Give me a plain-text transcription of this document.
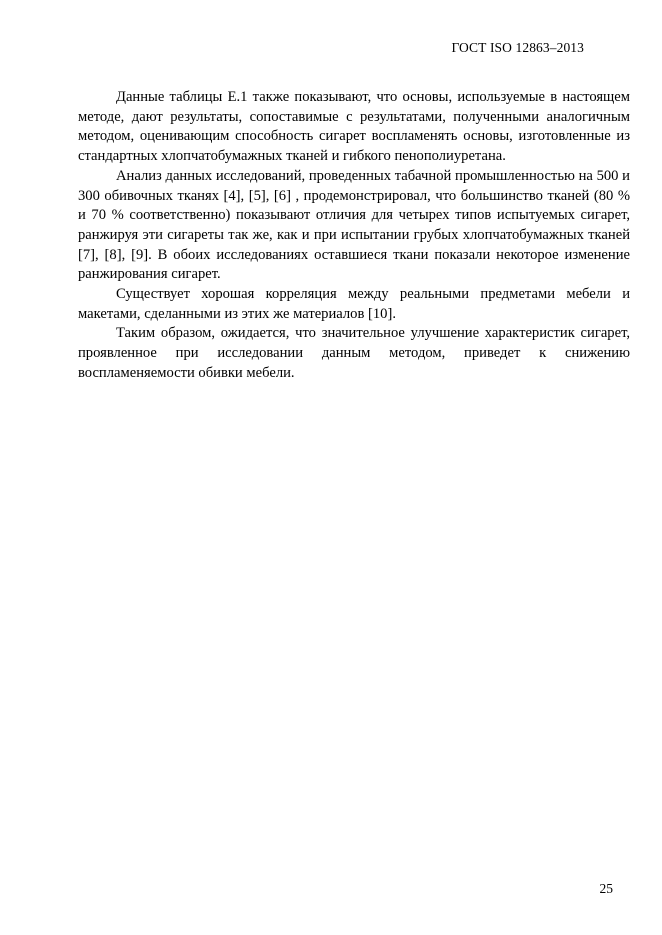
ГОСТ ISO 12863–2013

Данные таблицы Е.1 также показывают, что основы, используемые в настоящем методе, дают результаты, сопоставимые с результатами, полученными аналогичным методом, оценивающим способность сигарет воспламенять основы, изготовленные из стандартных хлопчатобумажных тканей и гибкого пенополиуретана.

Анализ данных исследований, проведенных табачной промышленностью на 500 и 300 обивочных тканях [4], [5], [6] , продемонстрировал, что большинство тканей (80 % и 70 % соответственно) показывают отличия для четырех типов испытуемых сигарет, ранжируя эти сигареты так же, как и при испытании грубых хлопчатобумажных тканей [7], [8], [9]. В обоих исследованиях оставшиеся ткани показали некоторое изменение ранжирования сигарет.

Существует хорошая корреляция между реальными предметами мебели и макетами, сделанными из этих же материалов [10].

Таким образом, ожидается, что значительное улучшение характеристик сигарет, проявленное при исследовании данным методом, приведет к снижению воспламеняемости обивки мебели.

25
